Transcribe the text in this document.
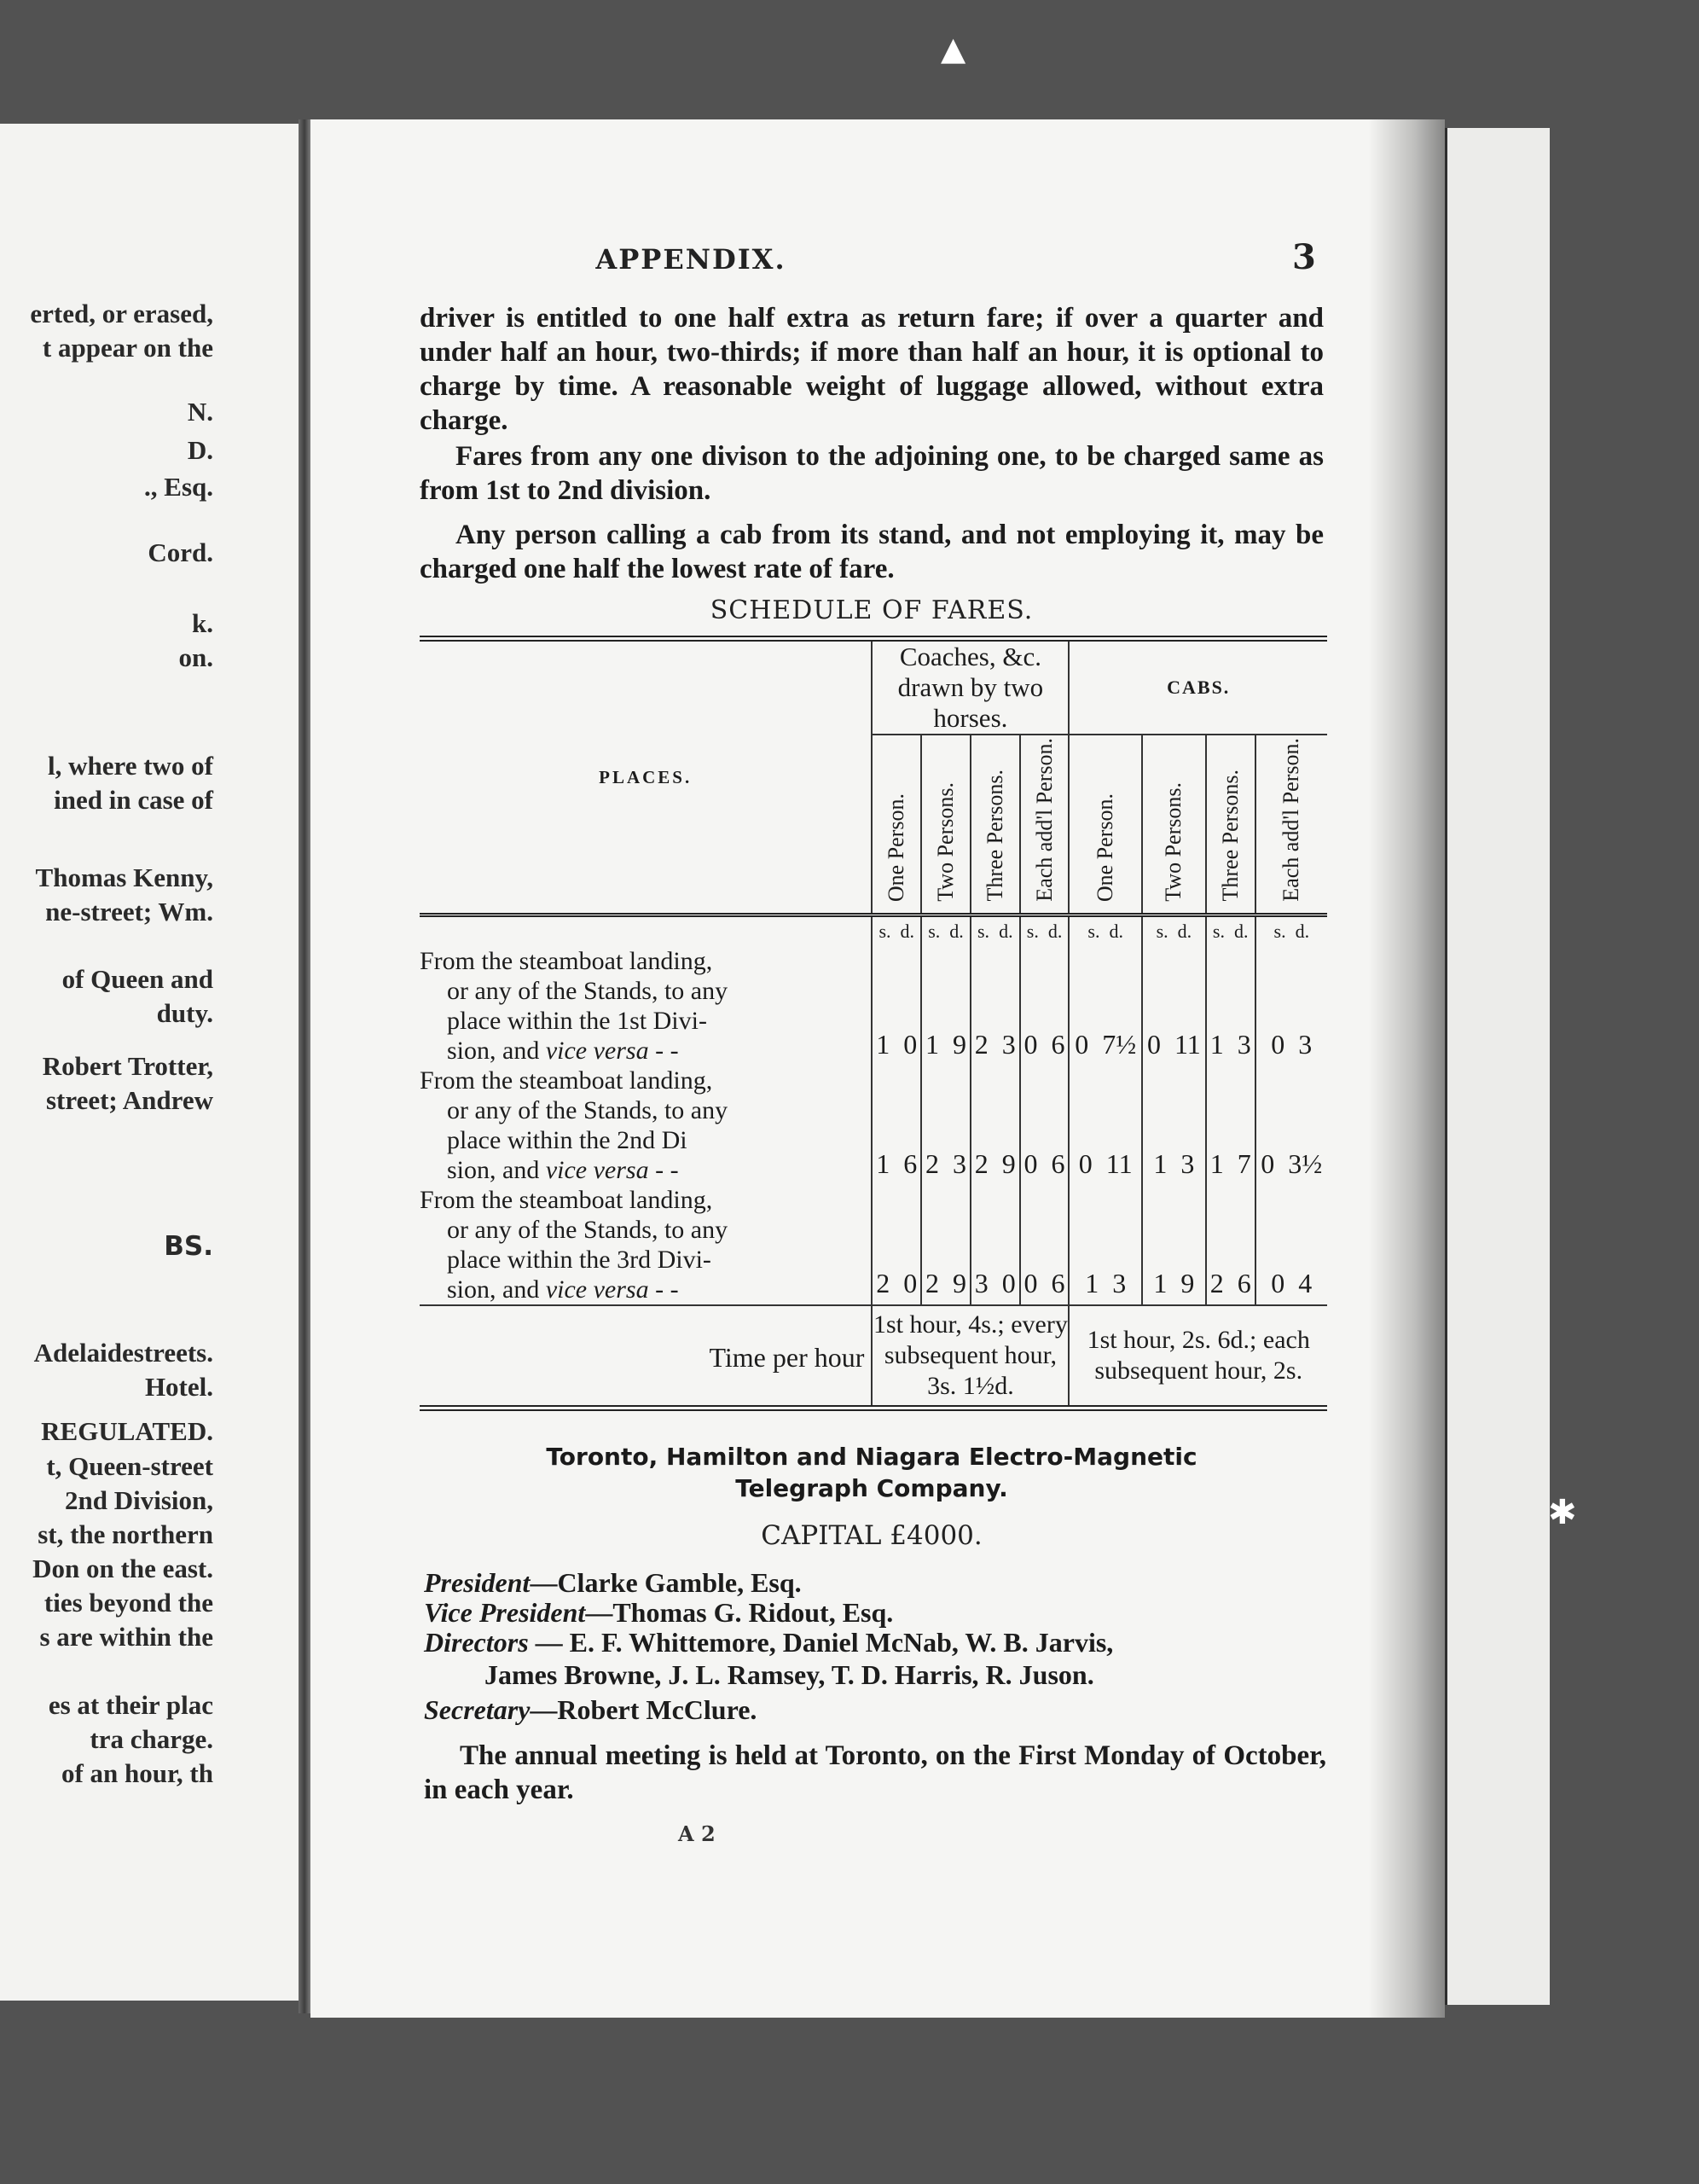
erted, or erased,
t appear on the
N.
D.
., Esq.
Cord.
k.
on.
l, where two of
ined in case of
Thomas Kenny,
ne-street; Wm.
of Queen and
duty.
Robert Trotter,
street; Andrew
BS.
Adelaidestreets.
Hotel.
REGULATED.
t, Queen-street
2nd Division,
st, the northern
Don on the east.
ties beyond the
s are within the
es at their plac
tra charge.
of an hour, th
▲
✱
APPENDIX.	3
driver is entitled to one half extra as return fare; if over a quarter and under half an hour, two-thirds; if more than half an hour, it is optional to charge by time. A reasonable weight of luggage allowed, without extra charge.
Fares from any one divison to the adjoining one, to be charged same as from 1st to 2nd division.
Any person calling a cab from its stand, and not employing it, may be charged one half the lowest rate of fare.
SCHEDULE OF FARES.

PLACES.	Coaches, &c. drawn by two horses.				CABS.			
	One Person.	Two Persons.	Three Persons.	Each add'l Person.	One Person.	Two Persons.	Three Persons.	Each add'l Person.
	s. d.	s. d.	s. d.	s. d.	s. d.	s. d.	s. d.	s. d.

From the steamboat landing,
or any of the Stands, to any
place within the 1st Divi-
sion, and vice versa - -	1 0	1 9	2 3	0 6	0 7½	0 11	1 3	0 3

From the steamboat landing,
or any of the Stands, to any
place within the 2nd Di
sion, and vice versa - -	1 6	2 3	2 9	0 6	0 11	1 3	1 7	0 3½

From the steamboat landing,
or any of the Stands, to any
place within the 3rd Divi-
sion, and vice versa - -	2 0	2 9	3 0	0 6	1 3	1 9	2 6	0 4
Time per hour	1st hour, 4s.; every subsequent hour, 3s. 1½d.				1st hour, 2s. 6d.; each subsequent hour, 2s.			

Toronto, Hamilton and Niagara Electro-Magnetic
Telegraph Company.
CAPITAL £4000.
President—Clarke Gamble, Esq.
Vice President—Thomas G. Ridout, Esq.
Directors — E. F. Whittemore, Daniel McNab, W. B. Jarvis,
James Browne, J. L. Ramsey, T. D. Harris, R. Juson.
Secretary—Robert McClure.
The annual meeting is held at Toronto, on the First Monday of October, in each year.
A 2
